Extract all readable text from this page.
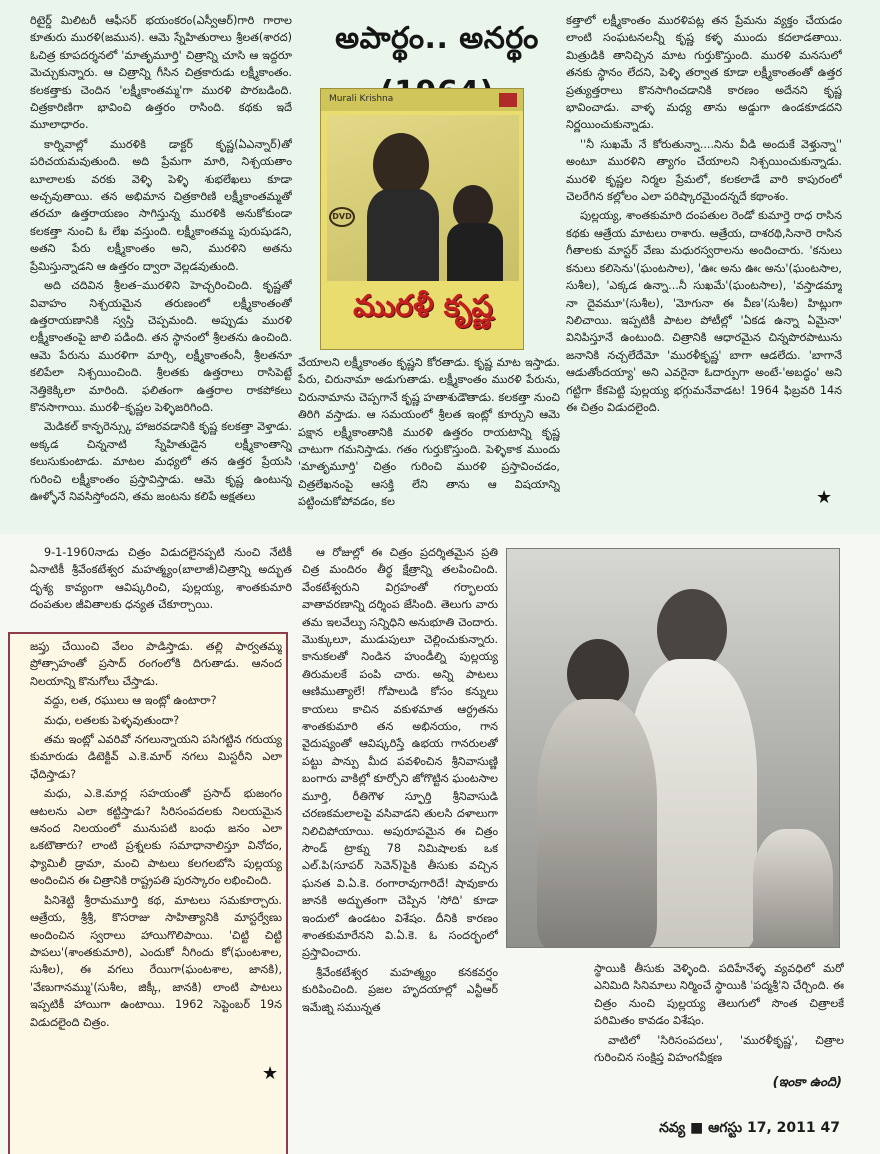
రిటైర్డ్ మిలిటరీ ఆఫీసర్ భయంకరం(ఎస్వీఆర్)గారి గారాల కూతురు మురళి(జమున). ఆమె స్నేహితురాలు శ్రీలత(శారద) ఓచిత్ర కూపదర్శనలో 'మాతృమూర్తి' చిత్రాన్ని చూసి ఆ ఇద్దరూ మెచ్చుకున్నారు. ఆ చిత్రాన్ని గీసిన చిత్రకారుడు లక్ష్మీకాంతం. కలకత్తాకు చెందిన 'లక్ష్మీకాంతమ్మ'గా మురళి పొరబడింది. చిత్రకారిణిగా భావించి ఉత్తరం రాసింది. కథకు ఇదే మూలాధారం.

కార్నివాల్లో మురళికి డాక్టర్ కృష్ణ(ఏఎన్నార్)తో పరిచయమవుతుంది. అది ప్రేమగా మారి, నిశ్చయతాం బూలాలకు వరకు వెళ్ళి పెళ్ళి శుభలేఖలు కూడా అచ్చవుతాయి. తన అభిమాన చిత్రకారిణి లక్ష్మీకాంతమ్మతో తరచూ ఉత్తరాయణం సాగిస్తున్న మురళికి అనుకోకుండా కలకత్తా నుంచి ఓ లేఖ వస్తుంది. లక్ష్మీకాంతమ్మ పురుషుడని, అతని పేరు లక్ష్మీకాంతం అని, మురళిని అతను ప్రేమిస్తున్నాడని ఆ ఉత్తరం ద్వారా వెల్లడవుతుంది.

అది చదివిన శ్రీలత–మురళిని హెచ్చరించింది. కృష్ణతో వివాహం నిశ్చయమైన తరుణంలో లక్ష్మీకాంతంతో ఉత్తరాయణానికి స్వస్తి చెప్పమంది. అప్పుడు మురళి లక్ష్మీకాంతంపై జాలి పడింది. తన స్థానంలో శ్రీలతను ఉంచింది. ఆమె పేరును మురళిగా మార్చి, లక్ష్మీకాంతంనీ, శ్రీలతనూ కలిపేలా నిశ్చయించింది. శ్రీలతకు ఉత్తరాలు రాసిపెట్టే నెత్తికెక్కిలా మారింది. ఫలితంగా ఉత్తరాల రాకపోకలు కొనసాగాయి. మురళీ–కృష్ణల పెళ్ళిజరిగింది.

మెడికల్ కాన్ఫరెన్స్కు హాజరవడానికి కృష్ణ కలకత్తా వెళ్తాడు. అక్కడ చిన్ననాటి స్నేహితుడైన లక్ష్మీకాంతాన్ని కలుసుకుంటాడు. మాటల మధ్యలో తన ఉత్తర ప్రేయసి గురించి లక్ష్మీకాంతం ప్రస్తావిస్తాడు. ఆమె కృష్ణ ఉంటున్న ఊళ్ళోనే నివసిస్తోందని, తమ జంటను కలిపే అక్షతలు

అపార్థం.. అనర్థం
Murali Krishna
DVD
మురళీ కృష్ణ

వేయాలని లక్ష్మీకాంతం కృష్ణని కోరతాడు. కృష్ణ మాట ఇస్తాడు. పేరు, చిరునామా అడుగుతాడు. లక్ష్మీకాంతం మురళి పేరును, చిరునామాను చెప్పగానే కృష్ణ హతాశుడౌతాడు. కలకత్తా నుంచి తిరిగి వస్తాడు. ఆ సమయంలో శ్రీలత ఇంట్లో కూర్చుని ఆమె పక్షాన లక్ష్మీకాంతానికి మురళి ఉత్తరం రాయటాన్ని కృష్ణ చాటుగా గమనిస్తాడు. గతం గుర్తుకొస్తుంది. పెళ్ళికాక ముందు 'మాతృమూర్తి' చిత్రం గురించి మురళి ప్రస్తావించడం, చిత్రలేఖనంపై ఆసక్తి లేని తాను ఆ విషయాన్ని పట్టించుకోపోవడం, కల

కత్తాలో లక్ష్మీకాంతం మురళిపట్ల తన ప్రేమను వ్యక్తం చేయడం లాంటి సంఘటనలన్నీ కృష్ణ కళ్ళ ముందు కదలాడతాయి. మిత్రుడికి తానిచ్చిన మాట గుర్తుకొస్తుంది. మురళి మనసులో తనకు స్థానం లేదని, పెళ్ళి తర్వాత కూడా లక్ష్మీకాంతంతో ఉత్తర ప్రత్యుత్తరాలు కొనసాగించడానికి కారణం అదేనని కృష్ణ భావించాడు. వాళ్ళ మధ్య తాను అడ్డుగా ఉండకూడదని నిర్ణయించుకున్నాడు.

''నీ సుఖమే నే కోరుతున్నా....నిను వీడి అందుకే వెళ్తున్నా'' అంటూ మురళిని త్యాగం చేయాలని నిశ్చయించుకున్నాడు. మురళి కృష్ణల నిర్మల ప్రేమలో, కలకలాడే వారి కాపురంలో చెలరేగిన కల్లోలం ఎలా పరిష్కారమైందన్నదే కథాంశం.

పుల్లయ్య, శాంతకుమారి దంపతుల రెండో కుమార్తె రాధ రాసిన కథకు ఆత్రేయ మాటలు రాశారు. ఆత్రేయ, దాశరథి,సినారె రాసిన గీతాలకు మాస్టర్ వేణు మధురస్వరాలను అందించారు. 'కనులు కనులు కలిసెను'(ఘంటసాల), 'ఊఁ అను ఊఁ అను'(ఘంటసాల, సుశీల), 'ఎక్కడ ఉన్నా...నీ సుఖమే'(ఘంటసాల), 'వస్తాడమ్మా నా దైవమూ'(సుశీల), 'మోగునా ఈ వీణ'(సుశీల) హిట్లుగా నిలిచాయి. ఇప్పటికీ పాటల పోటీల్లో 'ఏకడ ఉన్నా ఏమైనా' వినిపిస్తూనే ఉంటుంది. చిత్రానికి ఆధారమైన చిన్నపొరపాటును జనానికి నచ్చలేదేమో 'మురళీకృష్ణ' బాగా ఆడలేదు. 'బాగానే ఆడుతోందయ్యా' అని ఎవరైనా ఓదార్పుగా అంటే-'అబద్ధం' అని గట్టిగా కేకపెట్టి పుల్లయ్య భగ్గుమనేవాడట! 1964 ఫిబ్రవరి 14న ఈ చిత్రం విడుదలైంది.

★

9-1-1960నాడు చిత్రం విడుదలైనప్పటి నుంచి నేటికీ ఏనాటికీ శ్రీవేంకటేశ్వర మహత్మ్యం(బాలాజీ)చిత్రాన్ని అద్భుత దృశ్య కావ్యంగా ఆవిష్కరించి, పుల్లయ్య, శాంతకుమారి దంపతుల జీవితాలకు ధన్యత చేకూర్చాయి.

జప్తు చేయించి వేలం పాడిస్తాడు. తల్లి పార్వతమ్మ ప్రోత్సాహంతో ప్రసాద్ రంగంలోకి దిగుతాడు. ఆనంద నిలయాన్ని కొనుగోలు చేస్తాడు.

వద్దు, లత, రఘులు ఆ ఇంట్లో ఉంటారా?

మధు, లతలకు పెళ్ళవుతుందా?

తమ ఇంట్లో ఎవరివో నగలున్నాయని పసిగట్టిన గరుయ్య కుమారుడు డిటెక్టివ్ ఎ.కె.మార్ నగలు మిస్టరీని ఎలా ఛేదిస్తాడు?

మధు, ఎ.కె.మార్ల సహయంతో ప్రసాద్ భుజంగం ఆటలను ఎలా కట్టిస్తాడు? సిరిసంపదలకు నిలయమైన ఆనంద నిలయంలో మునుపటి బంధు జనం ఎలా ఒకటౌతారు? లాంటి ప్రశ్నలకు సమాధానాలిస్తూ వినోదం, ఫ్యామిలీ డ్రామా, మంచి పాటలు కలగలబోసి పుల్లయ్య అందించిన ఈ చిత్రానికి రాష్ట్రపతి పురస్కారం లభించింది.

పినిశెట్టి శ్రీరామమూర్తి కథ, మాటలు సమకూర్చారు. ఆత్రేయ, శ్రీశ్రీ, కొసరాజు సాహిత్యానికి మాస్టర్వేణు అందించిన స్వరాలు హాయిగొలిపాయి. 'చిట్టి చిట్టి పాపలు'(శాంతకుమారి), ఎందుకో నీగిందు కో(ఘంటశాల, సుశీల), ఈ వగలు రేయిగా(ఘంటశాల, జానకి), 'వేణుగానమ్ము'(సుశీల, జిక్కీ, జానకి) లాంటి పాటలు ఇప్పటికీ హాయిగా ఉంటాయి. 1962 సెప్టెంబర్ 19న విడుదలైంది చిత్రం.

★

ఆ రోజుల్లో ఈ చిత్రం ప్రదర్శితమైన ప్రతి చిత్ర మందిరం తీర్థ క్షేత్రాన్ని తలపించింది. వేంకటేశ్వరుని విగ్రహంతో గర్భాలయ వాతావరణాన్ని దర్శింప జేసింది. తెలుగు వారు తమ ఇలవేల్పు సన్నిధిని అనుభూతి చెందారు. మొక్కులూ, ముడుపులూ చెల్లించుకున్నారు. కానుకలతో నిండిన హుండీల్ని పుల్లయ్య తిరుమలకే పంపి చారు. అన్ని పాటలు ఆణిముత్యాలే! గోపాలుడి కోసం కన్నులు కాయలు కాచిన వకుళమాత ఆర్ద్రతను శాంతకుమారి తన అభినయం, గాన వైదుష్యంతో ఆవిష్కరిస్తే ఉభయ గానరులతో పట్టు పాన్పు మీద పవళించిన శ్రీనివాసుణ్ణి బంగారు వాకిల్లో కూర్చోని జోగొట్టిన ఘంటసాల మూర్తి, రీతిగౌళ స్ఫూర్తి శ్రీనివాసుడి చరణకమలాలపై వసివాడని తులసి దళాలుగా నిలిచిపోయాయి. అపురూపమైన ఈ చిత్రం సౌండ్ ట్రాక్ను 78 నిమిషాలకు ఒక ఎల్.పి(సూపర్ సెవెన్)పైకి తీసుకు వచ్చిన ఘనత వి.ఏ.కె. రంగారావుగారిదే! షావుకారు జానకి అద్భుతంగా చెప్పిన 'సోది' కూడా ఇందులో ఉండటం విశేషం. దీనికి కారణం శాంతకుమారేనని వి.ఏ.కె. ఓ సందర్భంలో ప్రస్తావించారు.

శ్రీవేంకటేశ్వర మహత్మ్యం కనకవర్షం కురిపించింది. ప్రజల హృదయాల్లో ఎన్టీఆర్ ఇమేజ్ని సమున్నత

స్థాయికి తీసుకు వెళ్ళింది. పదిహేనేళ్ళ వ్యవధిలో మరో ఎనిమిది సినిమాలు నిర్మించే స్థాయికి 'పద్మశ్రీ'ని చేర్చింది. ఈ చిత్రం నుంచి పుల్లయ్య తెలుగులో సొంత చిత్రాలకే పరిమితం కావడం విశేషం.

వాటిలో 'సిరిసంపదలు', 'మురళీకృష్ణ', చిత్రాల గురించిన సంక్షిప్త విహంగవీక్షణ

(ఇంకా ఉంది)
నవ్య ■ ఆగస్టు 17, 2011 47
